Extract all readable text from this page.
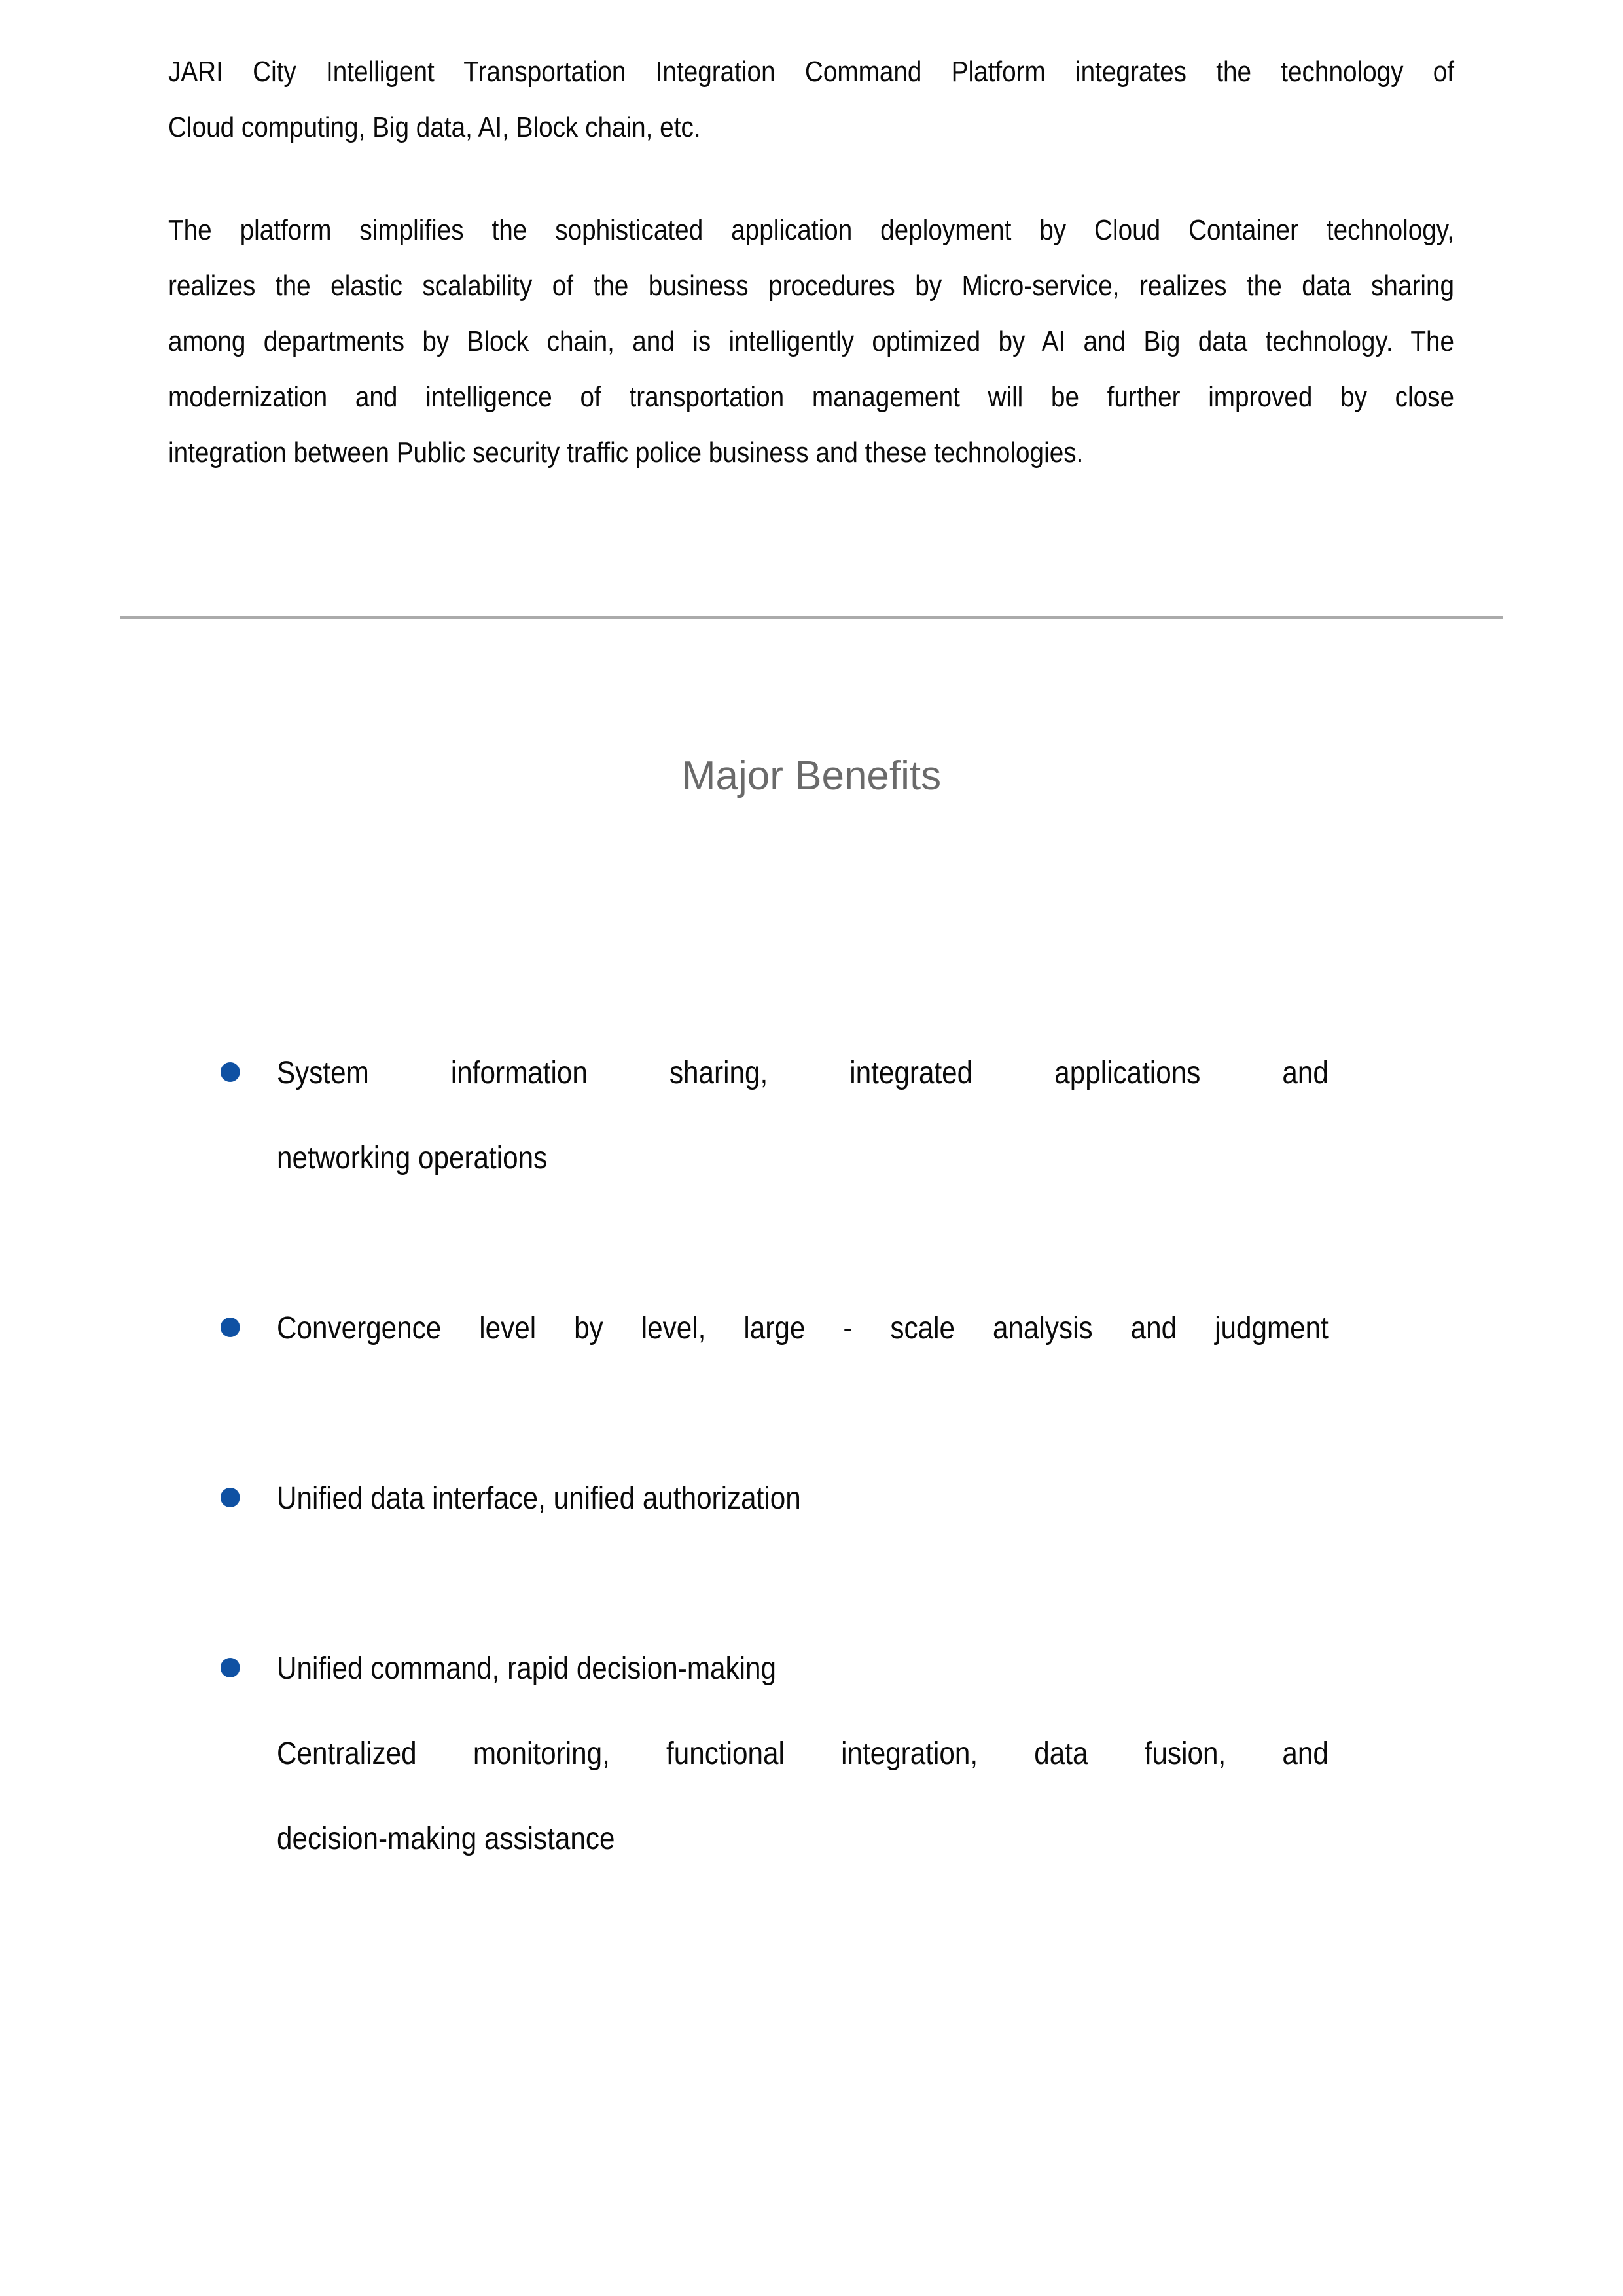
JARI City Intelligent Transportation Integration Command Platform integrates the technology of
Cloud computing, Big data, AI, Block chain, etc.
The platform simplifies the sophisticated application deployment by Cloud Container technology,
realizes the elastic scalability of the business procedures by Micro-service, realizes the data sharing
among departments by Block chain, and is intelligently optimized by AI and Big data technology. The
modernization and intelligence of transportation management will be further improved by close
integration between Public security traffic police business and these technologies.
Major Benefits
System information sharing, integrated applications and
networking operations
Convergence level by level, large - scale analysis and judgment
Unified data interface, unified authorization
Unified command, rapid decision-making
Centralized monitoring, functional integration, data fusion, and
decision-making assistance
